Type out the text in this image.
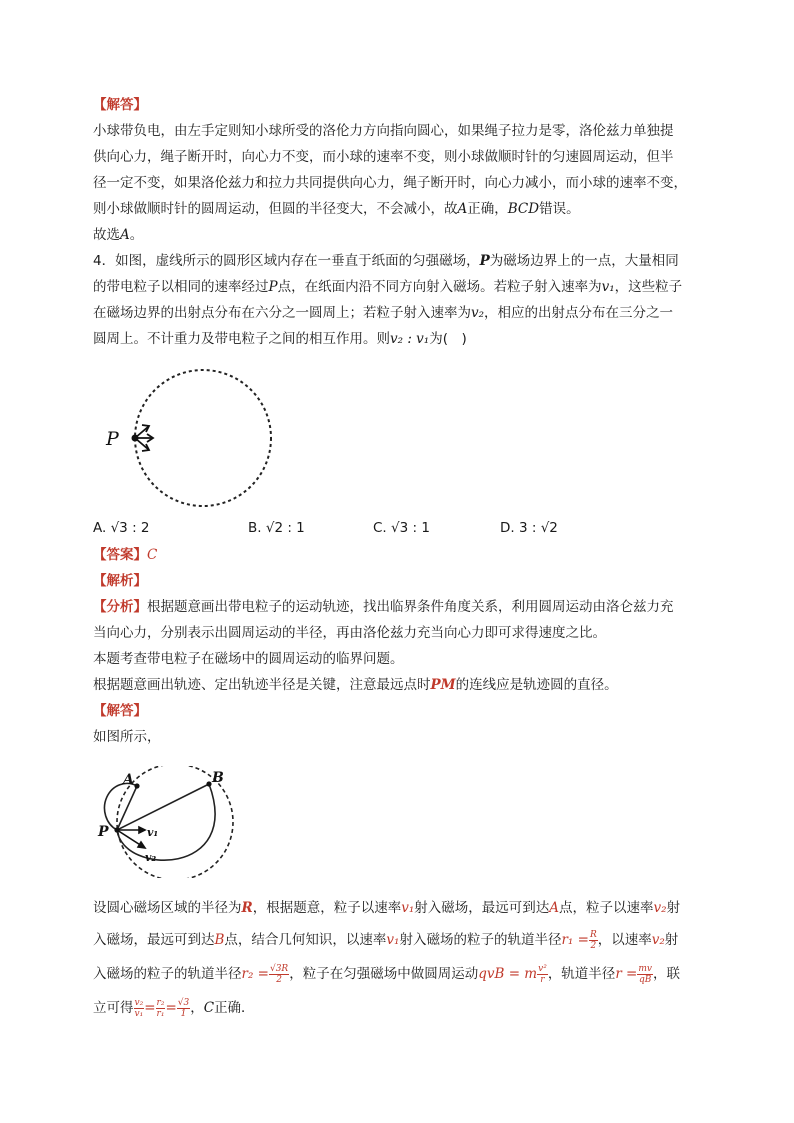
【解答】
小球带负电，由左手定则知小球所受的洛伦力方向指向圆心，如果绳子拉力是零，洛伦兹力单独提
供向心力，绳子断开时，向心力不变，而小球的速率不变，则小球做顺时针的匀速圆周运动，但半
径一定不变，如果洛伦兹力和拉力共同提供向心力，绳子断开时，向心力减小，而小球的速率不变，
则小球做顺时针的圆周运动，但圆的半径变大，不会减小，故A正确，BCD错误。
故选A。
4．如图，虚线所示的圆形区域内存在一垂直于纸面的匀强磁场，P为磁场边界上的一点，大量相同
的带电粒子以相同的速率经过P点，在纸面内沿不同方向射入磁场。若粒子射入速率为v₁，这些粒子
在磁场边界的出射点分布在六分之一圆周上；若粒子射入速率为v₂，相应的出射点分布在三分之一
圆周上。不计重力及带电粒子之间的相互作用。则v₂ : v₁为(　)
P
A. √3 : 2	B. √2 : 1	C. √3 : 1	D. 3 : √2
【答案】C
【解析】
【分析】根据题意画出带电粒子的运动轨迹，找出临界条件角度关系，利用圆周运动由洛仑兹力充
当向心力，分别表示出圆周运动的半径，再由洛伦兹力充当向心力即可求得速度之比。
本题考查带电粒子在磁场中的圆周运动的临界问题。
根据题意画出轨迹、定出轨迹半径是关键，注意最远点时PM的连线应是轨迹圆的直径。
【解答】
如图所示，
A	B
P	v₁
v₂
设圆心磁场区域的半径为R，根据题意，粒子以速率v₁射入磁场，最远可到达A点，粒子以速率v₂射
入磁场，最远可到达B点，结合几何知识，以速率v₁射入磁场的粒子的轨道半径$r_1 = \frac{R}{2}$ ，以速率v₂射
入磁场的粒子的轨道半径$r_2 = \frac{√3R}{2}$ ，粒子在匀强磁场中做圆周运动qvB = m $\frac{\text{v²}}{r}$ ，轨道半径$r = \frac{mv}{qB}$ ，联
立可得 $\frac{\text{v₂}}{\text{v₁}} = \frac{\text{r₂}}{\text{r₁}} = \frac{√3}{1}$ ，C正确．
